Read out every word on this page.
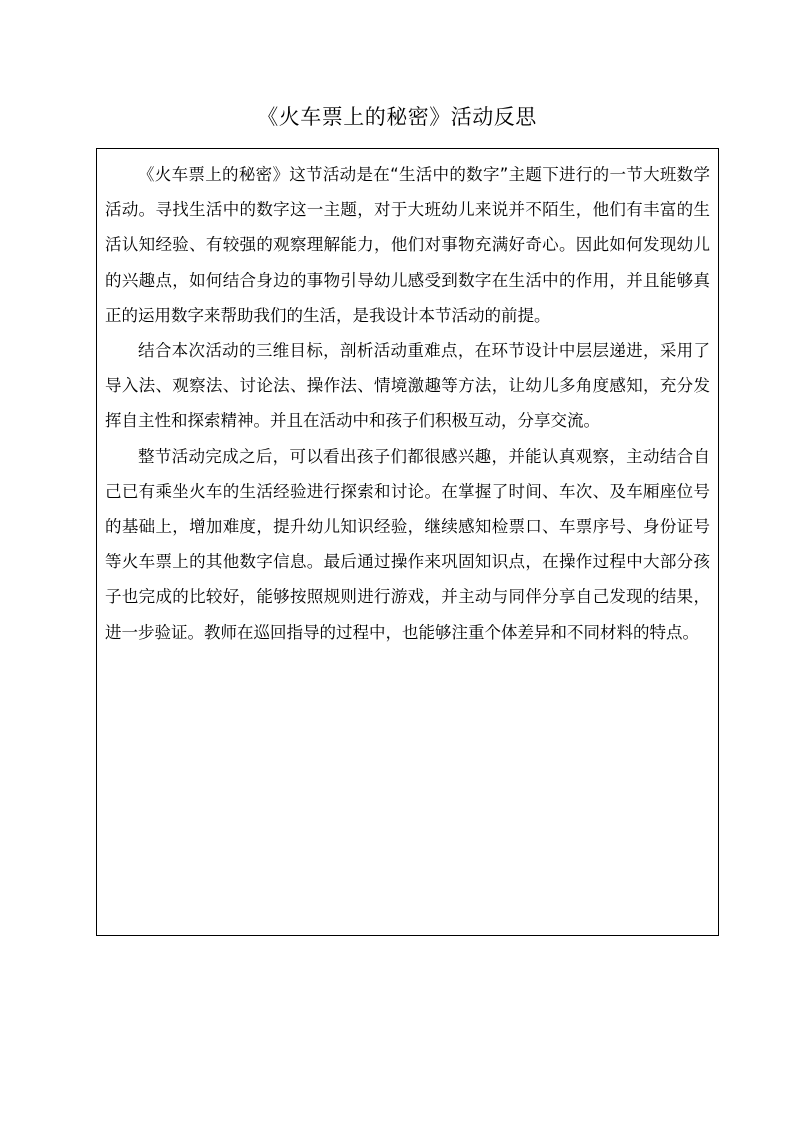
《火车票上的秘密》活动反思

《火车票上的秘密》这节活动是在“生活中的数字”主题下进行的一节大班数学活动。寻找生活中的数字这一主题，对于大班幼儿来说并不陌生，他们有丰富的生活认知经验、有较强的观察理解能力，他们对事物充满好奇心。因此如何发现幼儿的兴趣点，如何结合身边的事物引导幼儿感受到数字在生活中的作用，并且能够真正的运用数字来帮助我们的生活，是我设计本节活动的前提。

结合本次活动的三维目标，剖析活动重难点，在环节设计中层层递进，采用了导入法、观察法、讨论法、操作法、情境激趣等方法，让幼儿多角度感知，充分发挥自主性和探索精神。并且在活动中和孩子们积极互动，分享交流。

整节活动完成之后，可以看出孩子们都很感兴趣，并能认真观察，主动结合自己已有乘坐火车的生活经验进行探索和讨论。在掌握了时间、车次、及车厢座位号的基础上，增加难度，提升幼儿知识经验，继续感知检票口、车票序号、身份证号等火车票上的其他数字信息。最后通过操作来巩固知识点，在操作过程中大部分孩子也完成的比较好，能够按照规则进行游戏，并主动与同伴分享自己发现的结果，进一步验证。教师在巡回指导的过程中，也能够注重个体差异和不同材料的特点。
